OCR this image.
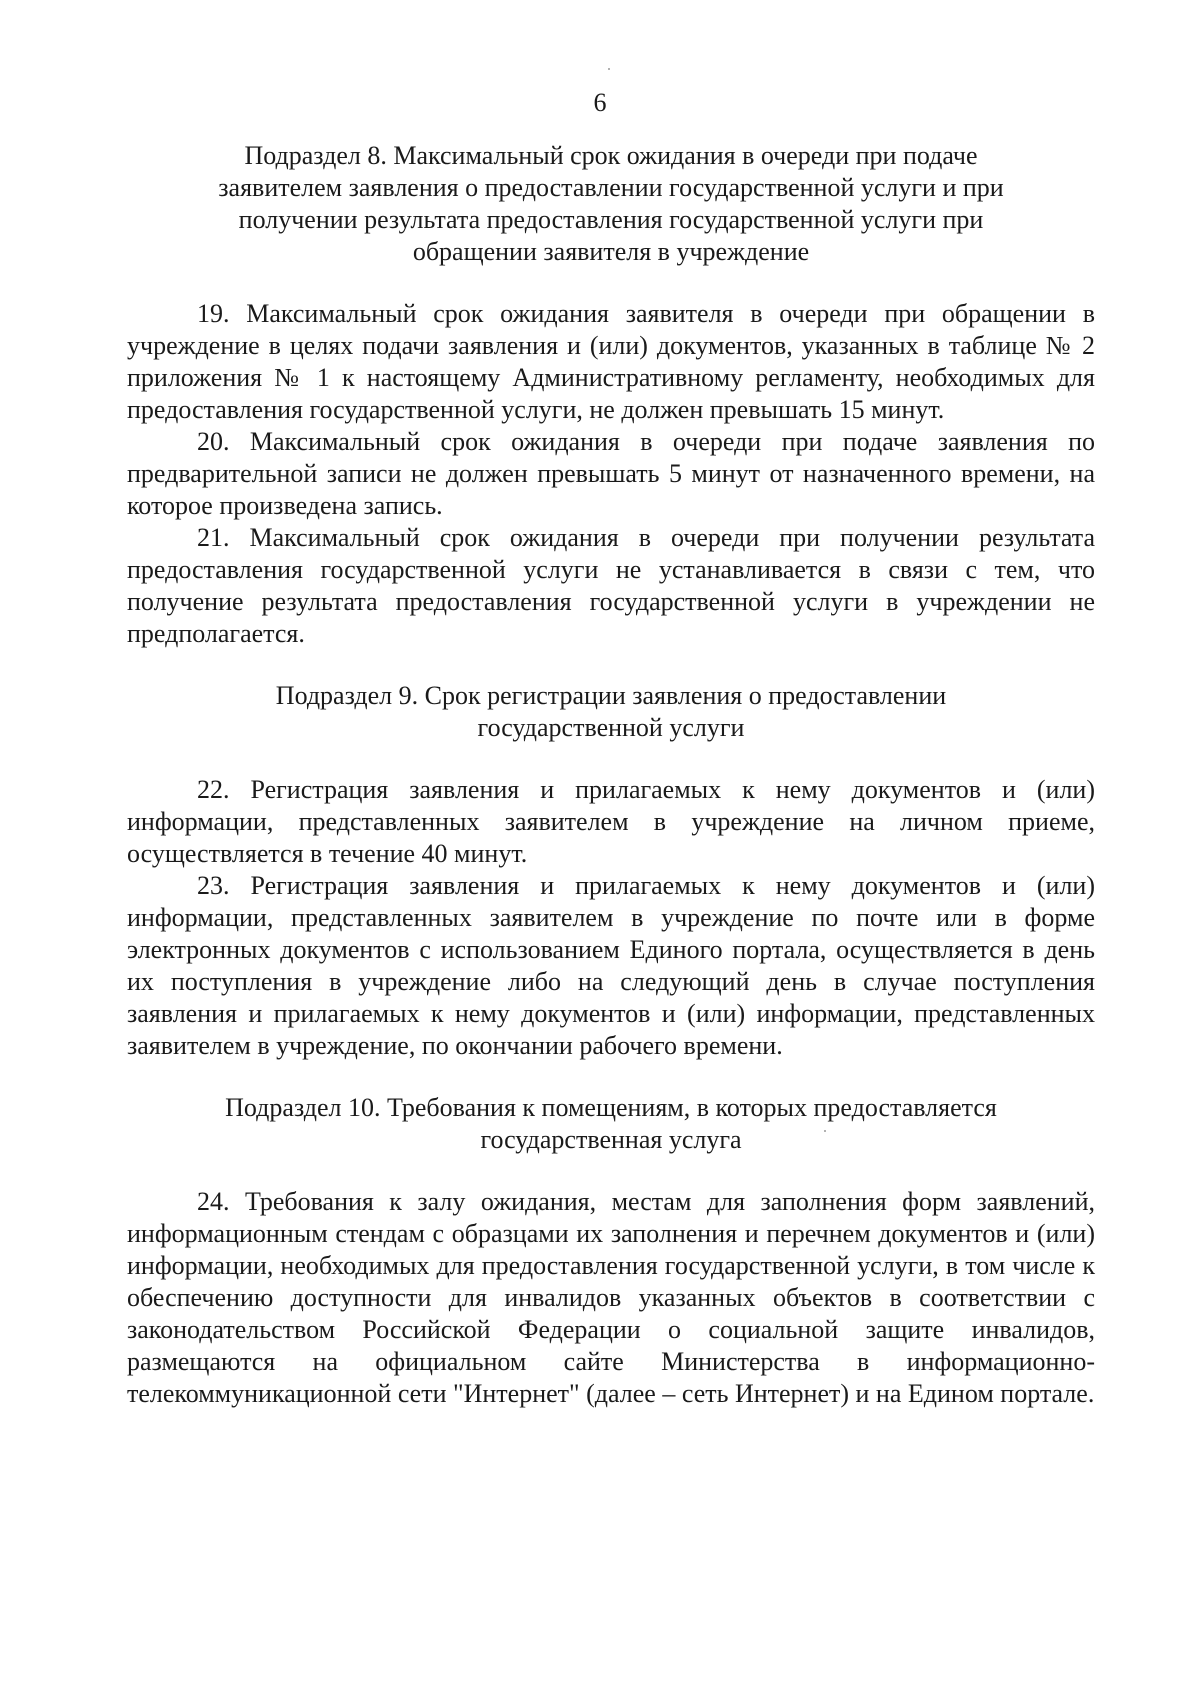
6
Подраздел 8. Максимальный срок ожидания в очереди при подаче
заявителем заявления о предоставлении государственной услуги и при
получении результата предоставления государственной услуги при
обращении заявителя в учреждение

19. Максимальный срок ожидания заявителя в очереди при обращении в учреждение в целях подачи заявления и (или) документов, указанных в таблице № 2 приложения № 1 к настоящему Административному регламенту, необходимых для предоставления государственной услуги, не должен превышать 15 минут.

20. Максимальный срок ожидания в очереди при подаче заявления по предварительной записи не должен превышать 5 минут от назначенного времени, на которое произведена запись.

21. Максимальный срок ожидания в очереди при получении результата предоставления государственной услуги не устанавливается в связи с тем, что получение результата предоставления государственной услуги в учреждении не предполагается.

Подраздел 9. Срок регистрации заявления о предоставлении
государственной услуги

22. Регистрация заявления и прилагаемых к нему документов и (или) информации, представленных заявителем в учреждение на личном приеме, осуществляется в течение 40 минут.

23. Регистрация заявления и прилагаемых к нему документов и (или) информации, представленных заявителем в учреждение по почте или в форме электронных документов с использованием Единого портала, осуществляется в день их поступления в учреждение либо на следующий день в случае поступления заявления и прилагаемых к нему документов и (или) информации, представленных заявителем в учреждение, по окончании рабочего времени.

Подраздел 10. Требования к помещениям, в которых предоставляется
государственная услуга

24. Требования к залу ожидания, местам для заполнения форм заявлений, информационным стендам с образцами их заполнения и перечнем документов и (или) информации, необходимых для предоставления государственной услуги, в том числе к обеспечению доступности для инвалидов указанных объектов в соответствии с законодательством Российской Федерации о социальной защите инвалидов, размещаются на официальном сайте Министерства в информационно-телекоммуникационной сети "Интернет" (далее – сеть Интернет) и на Едином портале.
